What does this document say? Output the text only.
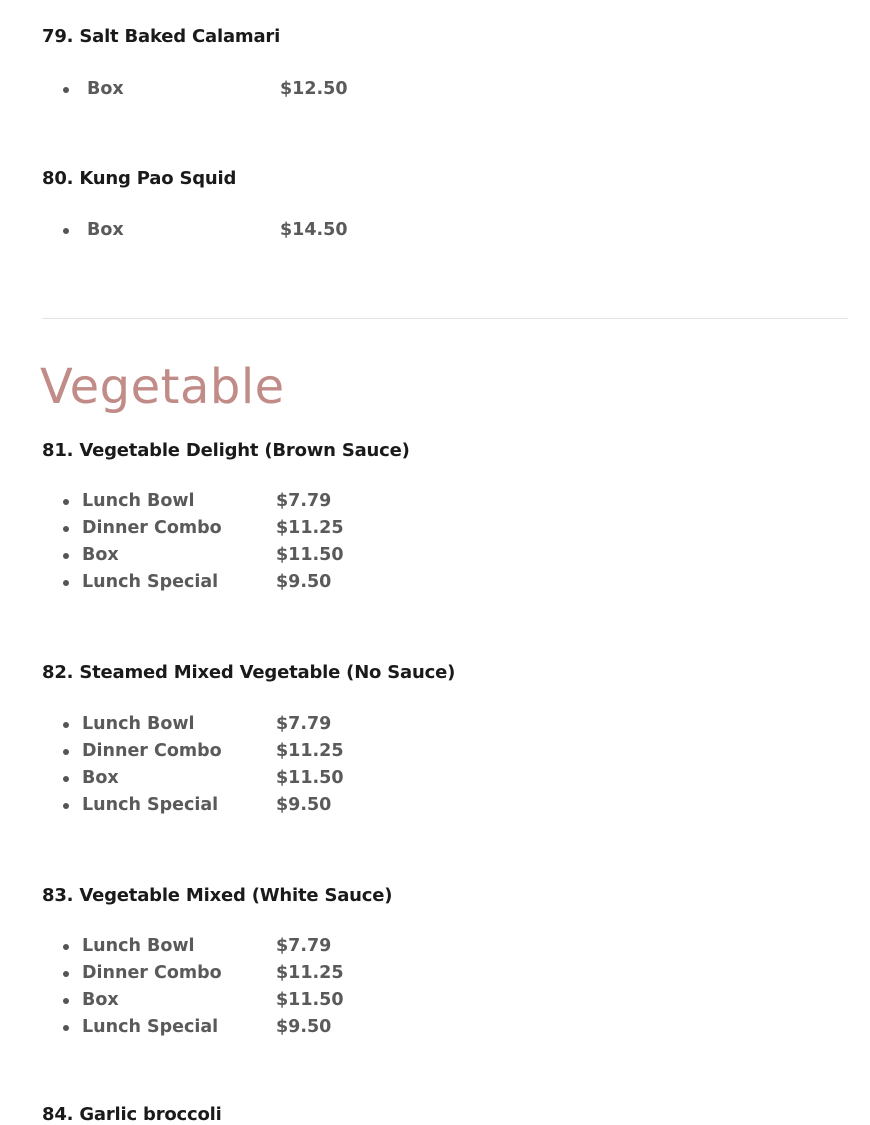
79. Salt Baked Calamari
Box	$12.50
80. Kung Pao Squid
Box	$14.50
Vegetable
81. Vegetable Delight (Brown Sauce)
Lunch Bowl	$7.79
Dinner Combo	$11.25
Box	$11.50
Lunch Special	$9.50
82. Steamed Mixed Vegetable (No Sauce)
Lunch Bowl	$7.79
Dinner Combo	$11.25
Box	$11.50
Lunch Special	$9.50
83. Vegetable Mixed (White Sauce)
Lunch Bowl	$7.79
Dinner Combo	$11.25
Box	$11.50
Lunch Special	$9.50
84. Garlic broccoli
